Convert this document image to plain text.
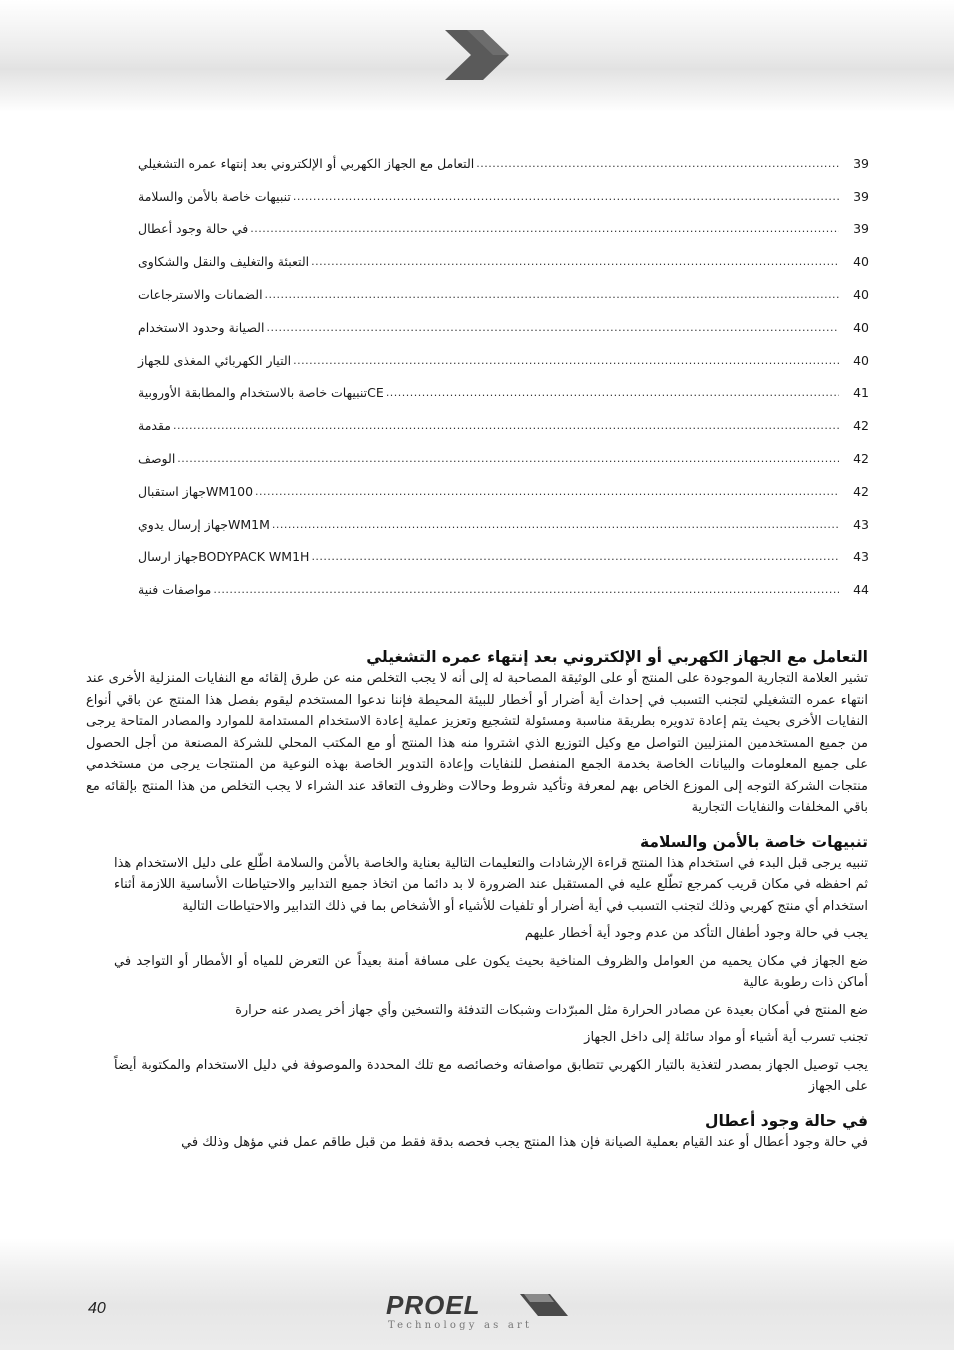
التعامل مع الجهاز الكهربي أو الإلكتروني بعد إنتهاء عمره التشغيلي .....	39
تنبيهات خاصة بالأمن والسلامة .....	39
في حالة وجود أعطال .....	39
التعبئة والتغليف والنقل والشكاوى .....	40
الضمانات والاسترجاعات .....	40
الصيانة وحدود الاستخدام .....	40
التيار الكهربائي المغذى للجهاز .....	40
CEتنبيهات خاصة بالاستخدام والمطابقة الأوروبية .....	41
مقدمة .....	42
الوصف .....	42
WM100جهاز استقبال .....	42
WM1Mجهاز إرسال يدوي .....	43
BODYPACK WM1Hجهاز ارسال .....	43
مواصفات فنية .....	44
التعامل مع الجهاز الكهربي أو الإلكتروني بعد إنتهاء عمره التشغيلي

تشير العلامة التجارية الموجودة على المنتج أو على الوثيقة المصاحبة له إلى أنه لا يجب التخلص منه عن طرق إلقائه مع النفايات المنزلية الأخرى عند انتهاء عمره التشغيلي لتجنب التسبب في إحداث أية أضرار أو أخطار للبيئة المحيطة فإننا ندعوا المستخدم ليقوم بفصل هذا المنتج عن باقي أنواع النفايات الأخرى بحيث يتم إعادة تدويره بطريقة مناسبة ومسئولة لتشجيع وتعزيز عملية إعادة الاستخدام المستدامة للموارد والمصادر المتاحة يرجى من جميع المستخدمين المنزليين التواصل مع وكيل التوزيع الذي اشتروا منه هذا المنتج أو مع المكتب المحلي للشركة المصنعة من أجل الحصول على جميع المعلومات والبيانات الخاصة بخدمة الجمع المنفصل للنفايات وإعادة التدوير الخاصة بهذه النوعية من المنتجات يرجى من مستخدمي منتجات الشركة التوجه إلى الموزع الخاص بهم لمعرفة وتأكيد شروط وحالات وظروف التعاقد عند الشراء لا يجب التخلص من هذا المنتج بإلقائه مع باقي المخلفات والنفايات التجارية

تنبيهات خاصة بالأمن والسلامة

تنبيه يرجى قبل البدء في استخدام هذا المنتج قراءة الإرشادات والتعليمات التالية بعناية والخاصة بالأمن والسلامة اطّلع على دليل الاستخدام هذا ثم احفظه في مكان قريب كمرجع تطّلع عليه في المستقبل عند الضرورة لا بد دائما من اتخاذ جميع التدابير والاحتياطات الأساسية اللازمة أثناء استخدام أي منتج كهربي وذلك لتجنب التسبب في أية أضرار أو تلفيات للأشياء أو الأشخاص بما في ذلك التدابير والاحتياطات التالية

يجب في حالة وجود أطفال التأكد من عدم وجود أية أخطار عليهم

ضع الجهاز في مكان يحميه من العوامل والظروف المناخية بحيث يكون على مسافة أمنة بعيداً عن التعرض للمياه أو الأمطار أو التواجد في أماكن ذات رطوبة عالية

ضع المنتج في أمكان بعيدة عن مصادر الحرارة مثل المبرّدات وشبكات التدفئة والتسخين وأي جهاز أخر يصدر عنه حرارة

تجنب تسرب أية أشياء أو مواد سائلة إلى داخل الجهاز

يجب توصيل الجهاز بمصدر لتغذية بالتيار الكهربي تتطابق مواصفاته وخصائصه مع تلك المحددة والموصوفة في دليل الاستخدام والمكتوبة أيضاً على الجهاز

في حالة وجود أعطال

في حالة وجود أعطال أو عند القيام بعملية الصيانة فإن هذا المنتج يجب فحصه بدقة فقط من قبل طاقم عمل فني مؤهل وذلك في

40	PROEL
Technology as art
